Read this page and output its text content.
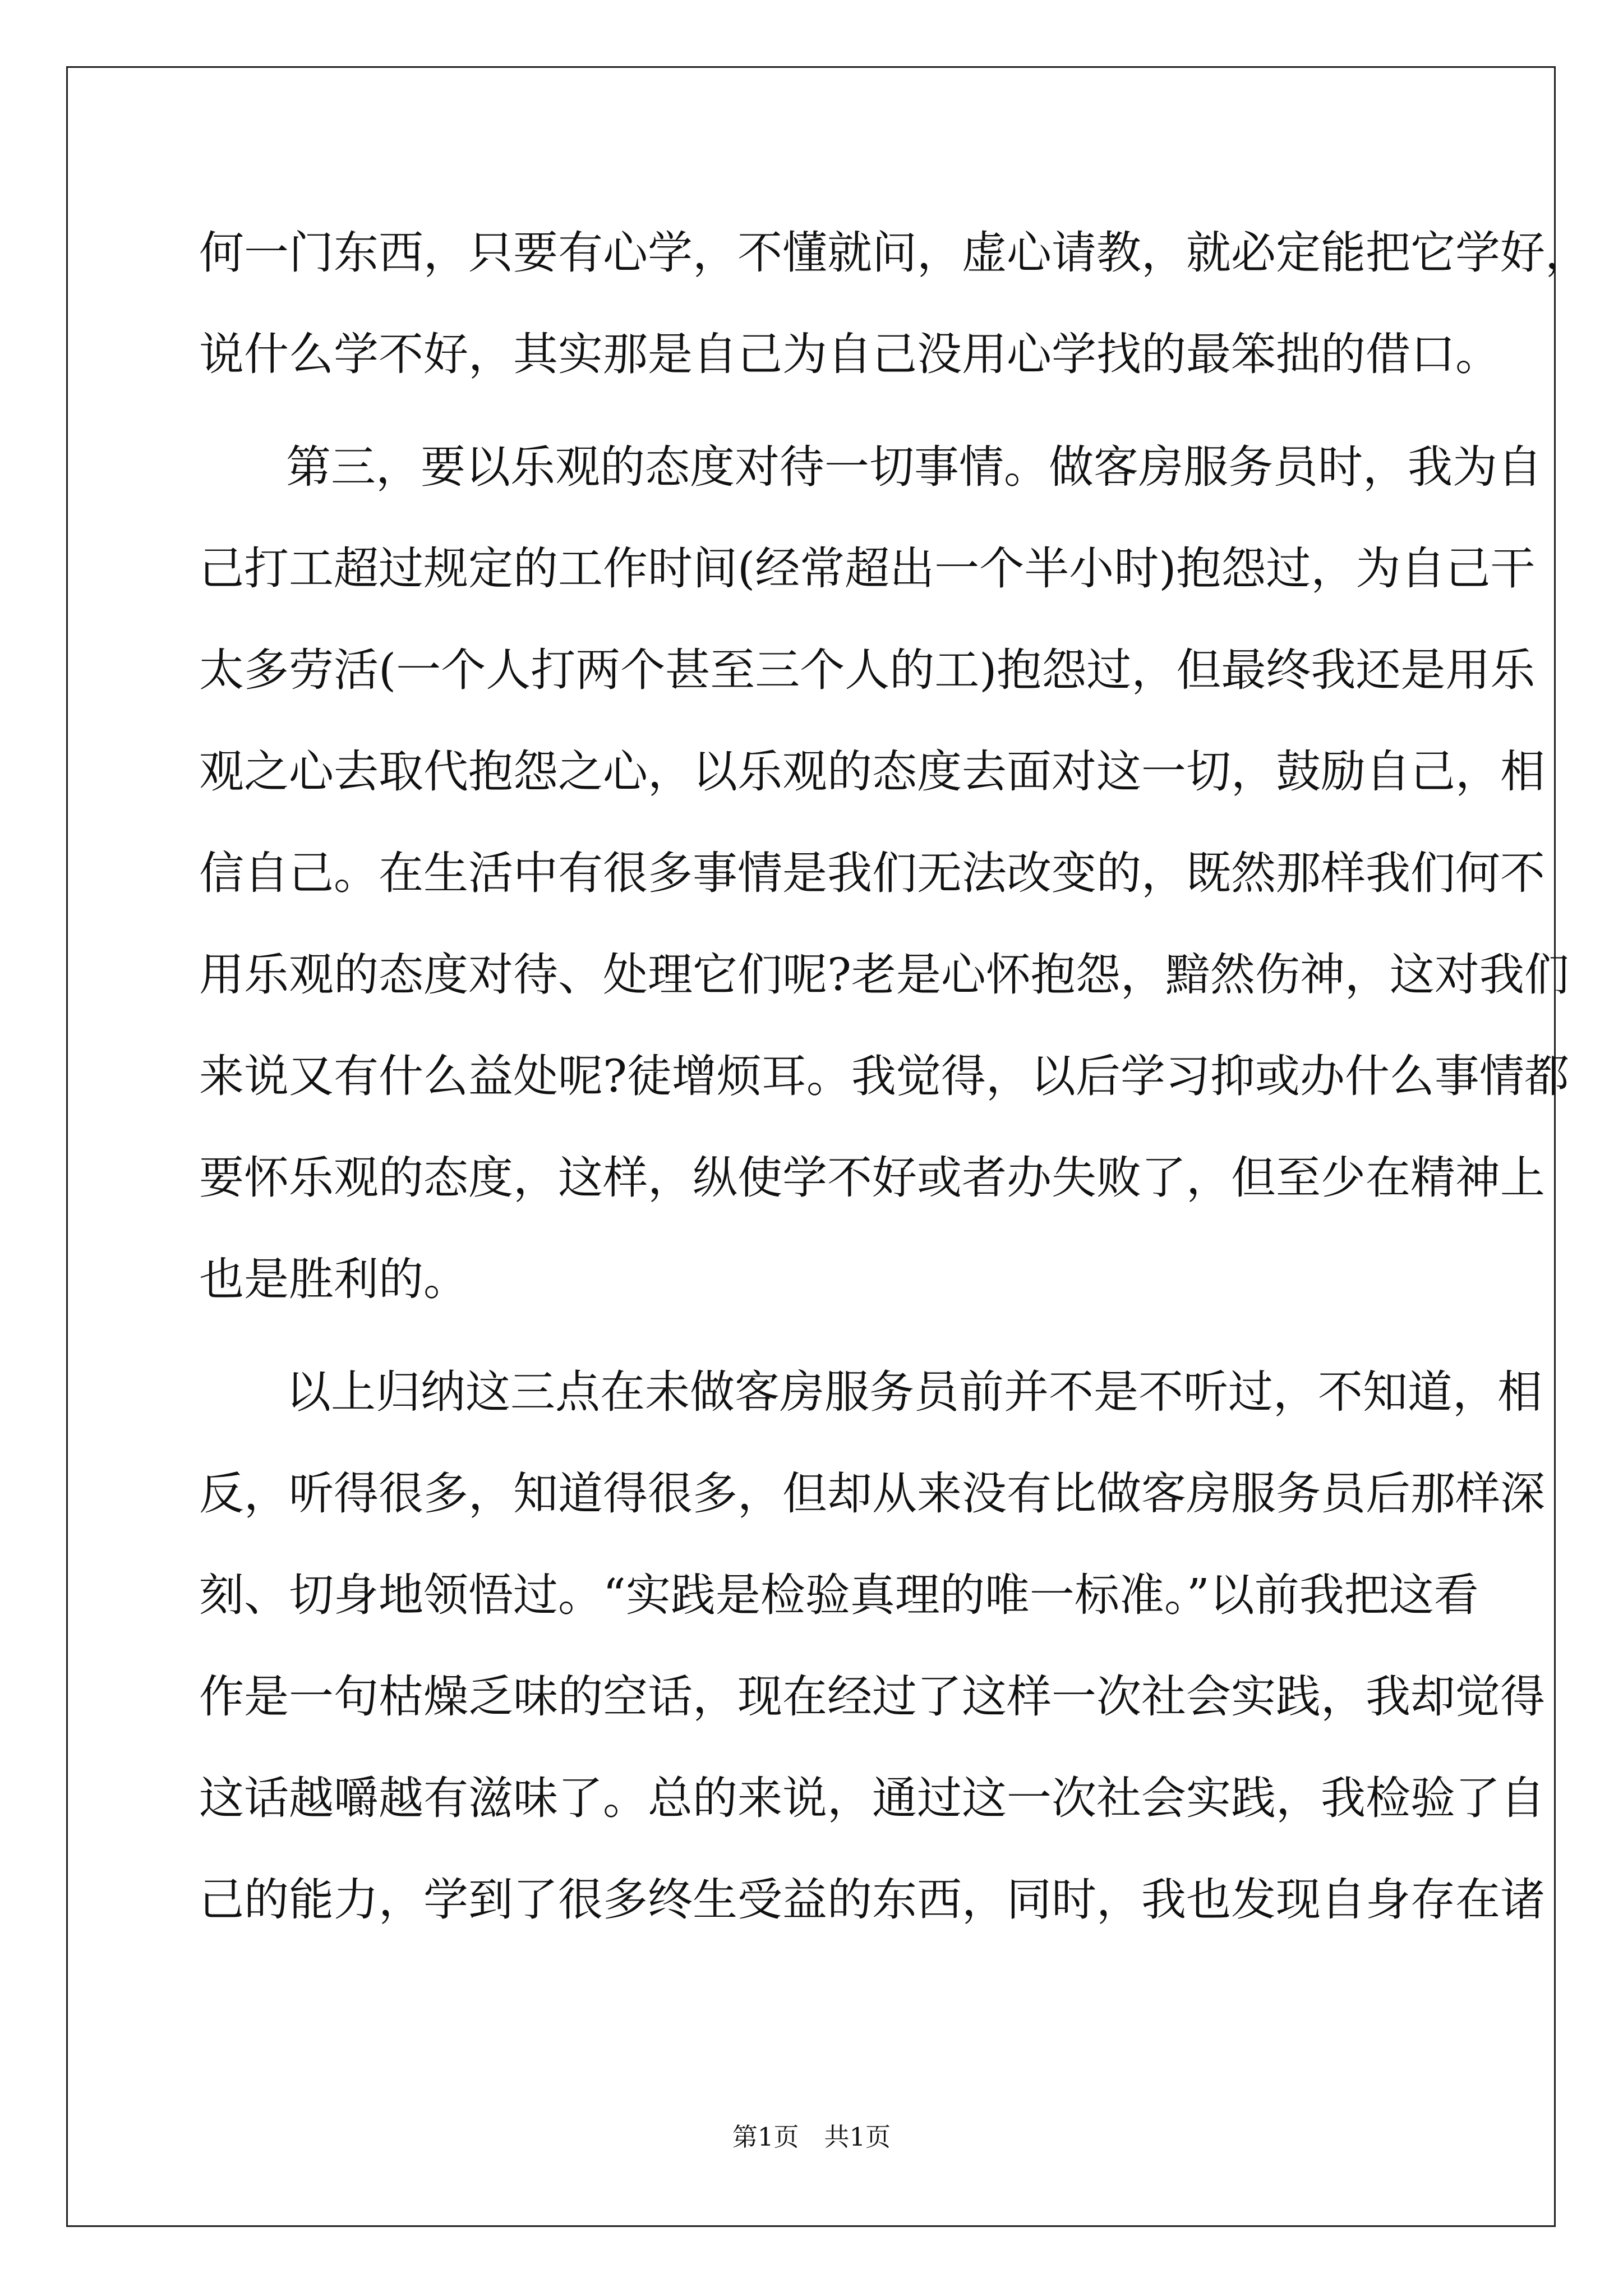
何一门东西，只要有心学，不懂就问，虚心请教，就必定能把它学好，
说什么学不好，其实那是自己为自己没用心学找的最笨拙的借口。
第三，要以乐观的态度对待一切事情。做客房服务员时，我为自
己打工超过规定的工作时间(经常超出一个半小时)抱怨过，为自己干
太多劳活(一个人打两个甚至三个人的工)抱怨过，但最终我还是用乐
观之心去取代抱怨之心，以乐观的态度去面对这一切，鼓励自己，相
信自己。在生活中有很多事情是我们无法改变的，既然那样我们何不
用乐观的态度对待、处理它们呢?老是心怀抱怨，黯然伤神，这对我们
来说又有什么益处呢?徒增烦耳。我觉得，以后学习抑或办什么事情都
要怀乐观的态度，这样，纵使学不好或者办失败了，但至少在精神上
也是胜利的。
以上归纳这三点在未做客房服务员前并不是不听过，不知道，相
反，听得很多，知道得很多，但却从来没有比做客房服务员后那样深
刻、切身地领悟过。“实践是检验真理的唯一标准。”以前我把这看
作是一句枯燥乏味的空话，现在经过了这样一次社会实践，我却觉得
这话越嚼越有滋味了。总的来说，通过这一次社会实践，我检验了自
己的能力，学到了很多终生受益的东西，同时，我也发现自身存在诸
第1页 共1页
